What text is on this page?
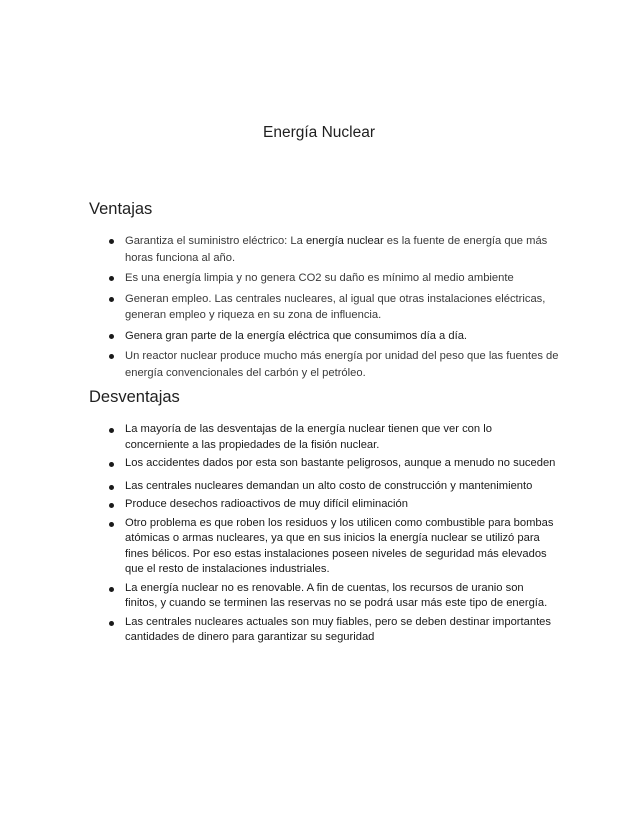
Energía Nuclear
Ventajas
Garantiza el suministro eléctrico: La energía nuclear es la fuente de energía que más horas funciona al año.
Es una energía limpia y no genera CO2 su daño es mínimo al medio ambiente
Generan empleo. Las centrales nucleares, al igual que otras instalaciones eléctricas, generan empleo y riqueza en su zona de influencia.
Genera gran parte de la energía eléctrica que consumimos día a día.
Un reactor nuclear produce mucho más energía por unidad del peso que las fuentes de energía convencionales del carbón y el petróleo.
Desventajas
La mayoría de las desventajas de la energía nuclear tienen que ver con lo concerniente a las propiedades de la fisión nuclear.
Los accidentes dados por esta son bastante peligrosos, aunque a menudo no suceden
Las centrales nucleares demandan un alto costo de construcción y mantenimiento
Produce desechos radioactivos de muy difícil eliminación
Otro problema es que roben los residuos y los utilicen como combustible para bombas atómicas o armas nucleares, ya que en sus inicios la energía nuclear se utilizó para fines bélicos. Por eso estas instalaciones poseen niveles de seguridad más elevados que el resto de instalaciones industriales.
La energía nuclear no es renovable. A fin de cuentas, los recursos de uranio son finitos, y cuando se terminen las reservas no se podrá usar más este tipo de energía.
Las centrales nucleares actuales son muy fiables, pero se deben destinar importantes cantidades de dinero para garantizar su seguridad
